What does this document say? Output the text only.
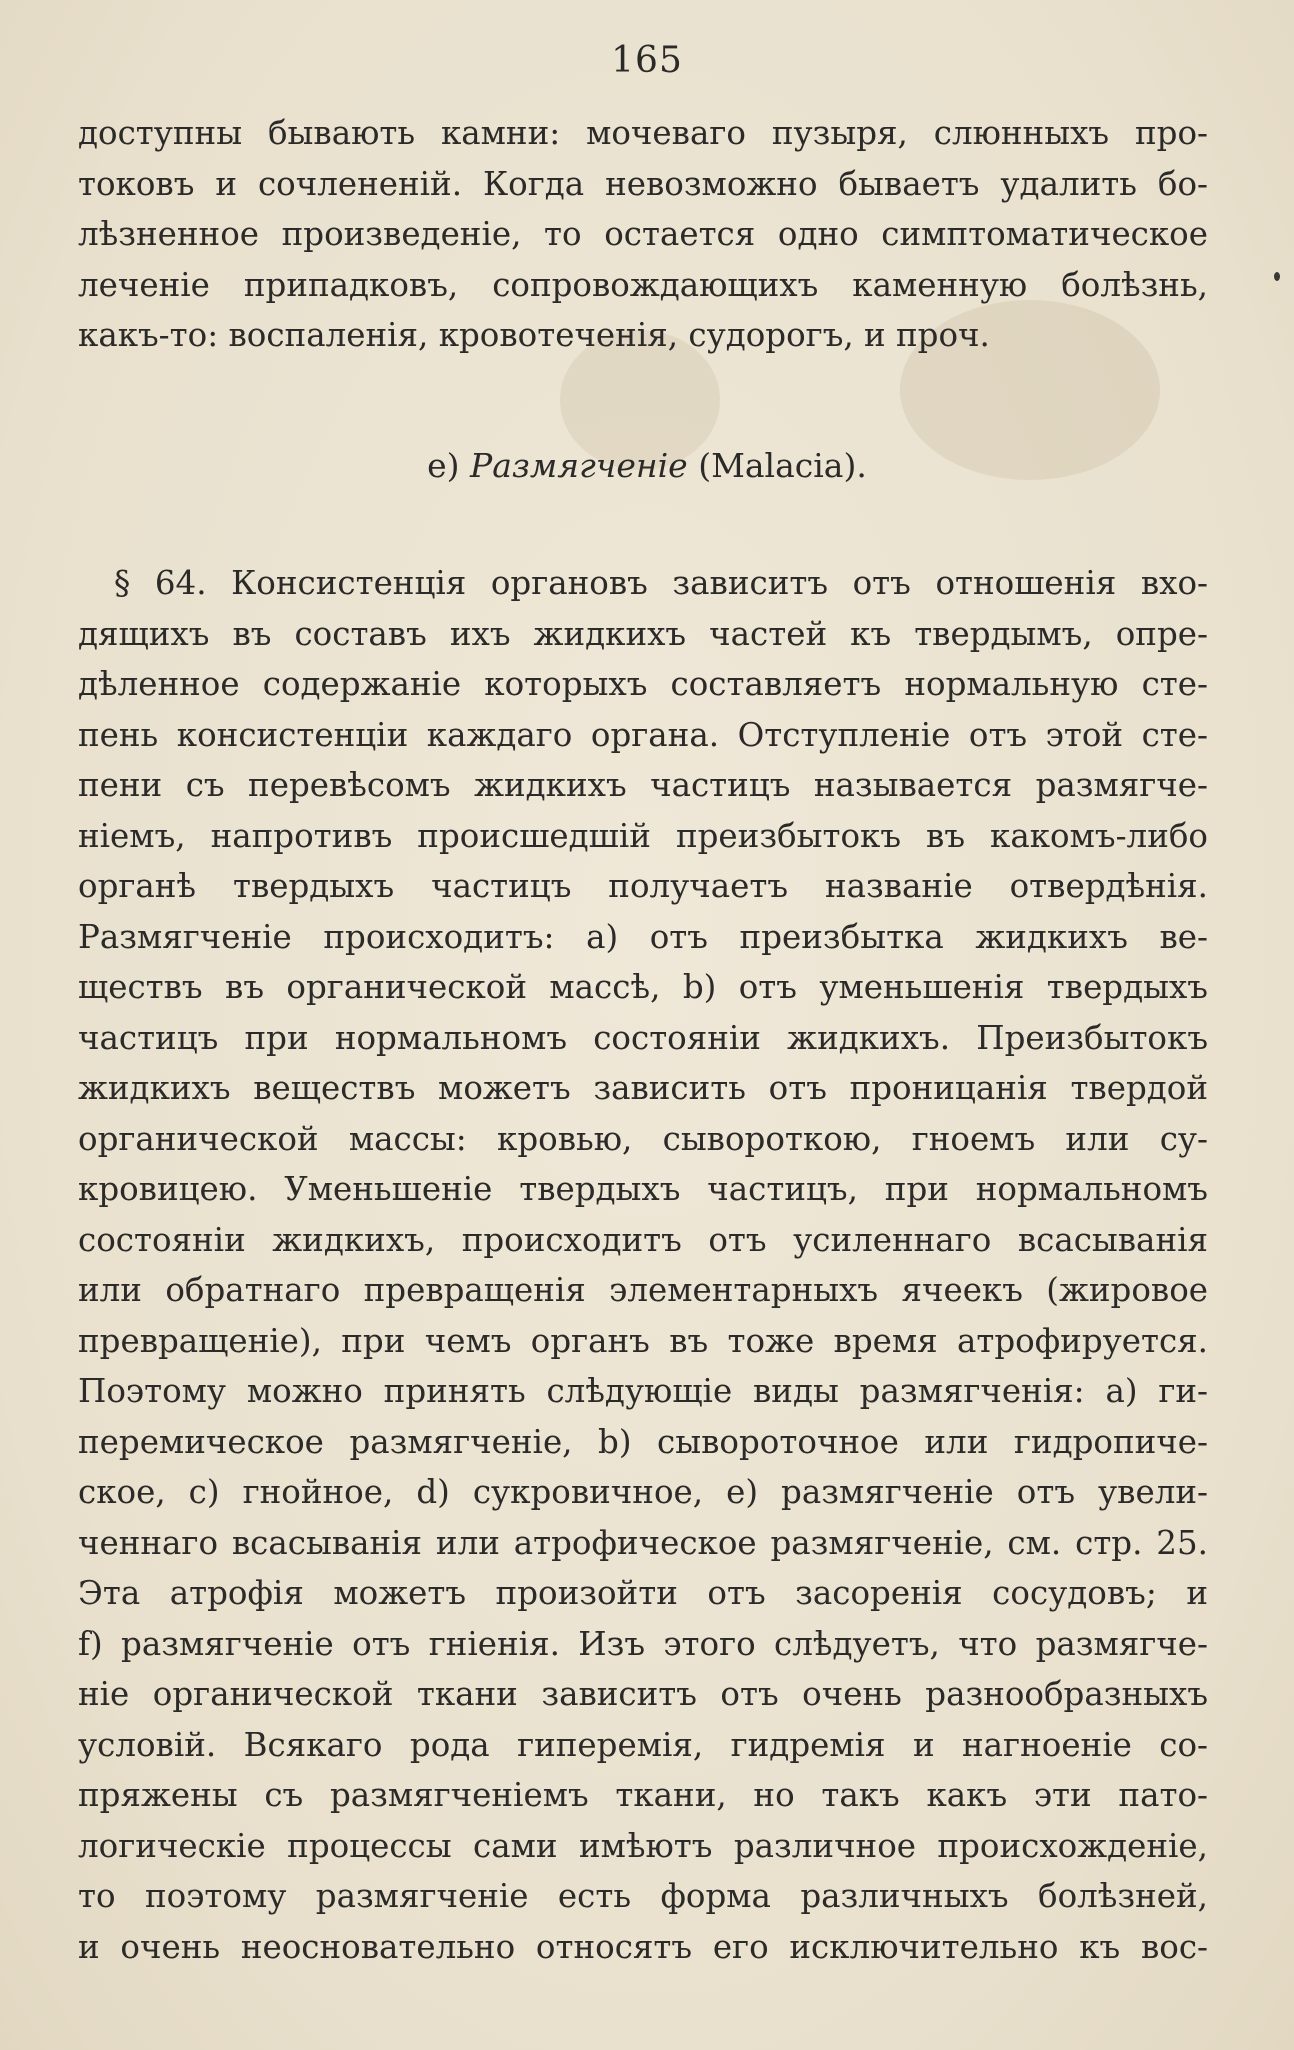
165
доступны бывають камни: мочеваго пузыря, слюнныхъ про-
токовъ и сочлененій. Когда невозможно бываетъ удалить бо-
лѣзненное произведеніе, то остается одно симптоматическое
леченіе припадковъ, сопровождающихъ каменную болѣзнь,
какъ-то: воспаленія, кровотеченія, судорогъ, и проч.
e) Размягченіе (Malacia).
§ 64. Консистенція органовъ зависитъ отъ отношенія вхо-
дящихъ въ составъ ихъ жидкихъ частей къ твердымъ, опре-
дѣленное содержаніе которыхъ составляетъ нормальную сте-
пень консистенціи каждаго органа. Отступленіе отъ этой сте-
пени съ перевѣсомъ жидкихъ частицъ называется размягче-
ніемъ, напротивъ происшедшій преизбытокъ въ какомъ-либо
органѣ твердыхъ частицъ получаетъ названіе отвердѣнія.
Размягченіе происходитъ: a) отъ преизбытка жидкихъ ве-
ществъ въ органической массѣ, b) отъ уменьшенія твердыхъ
частицъ при нормальномъ состояніи жидкихъ. Преизбытокъ
жидкихъ веществъ можетъ зависить отъ проницанія твердой
органической массы: кровью, сывороткою, гноемъ или су-
кровицею. Уменьшеніе твердыхъ частицъ, при нормальномъ
состояніи жидкихъ, происходитъ отъ усиленнаго всасыванія
или обратнаго превращенія элементарныхъ ячеекъ (жировое
превращеніе), при чемъ органъ въ тоже время атрофируется.
Поэтому можно принять слѣдующіе виды размягченія: a) ги-
перемическое размягченіе, b) сывороточное или гидропиче-
ское, c) гнойное, d) сукровичное, e) размягченіе отъ увели-
ченнаго всасыванія или атрофическое размягченіе, см. стр. 25.
Эта атрофія можетъ произойти отъ засоренія сосудовъ; и
f) размягченіе отъ гніенія. Изъ этого слѣдуетъ, что размягче-
ніе органической ткани зависитъ отъ очень разнообразныхъ
условій. Всякаго рода гиперемія, гидремія и нагноеніе со-
пряжены съ размягченіемъ ткани, но такъ какъ эти пато-
логическіе процессы сами имѣютъ различное происхожденіе,
то поэтому размягченіе есть форма различныхъ болѣзней,
и очень неосновательно относятъ его исключительно къ вос-
